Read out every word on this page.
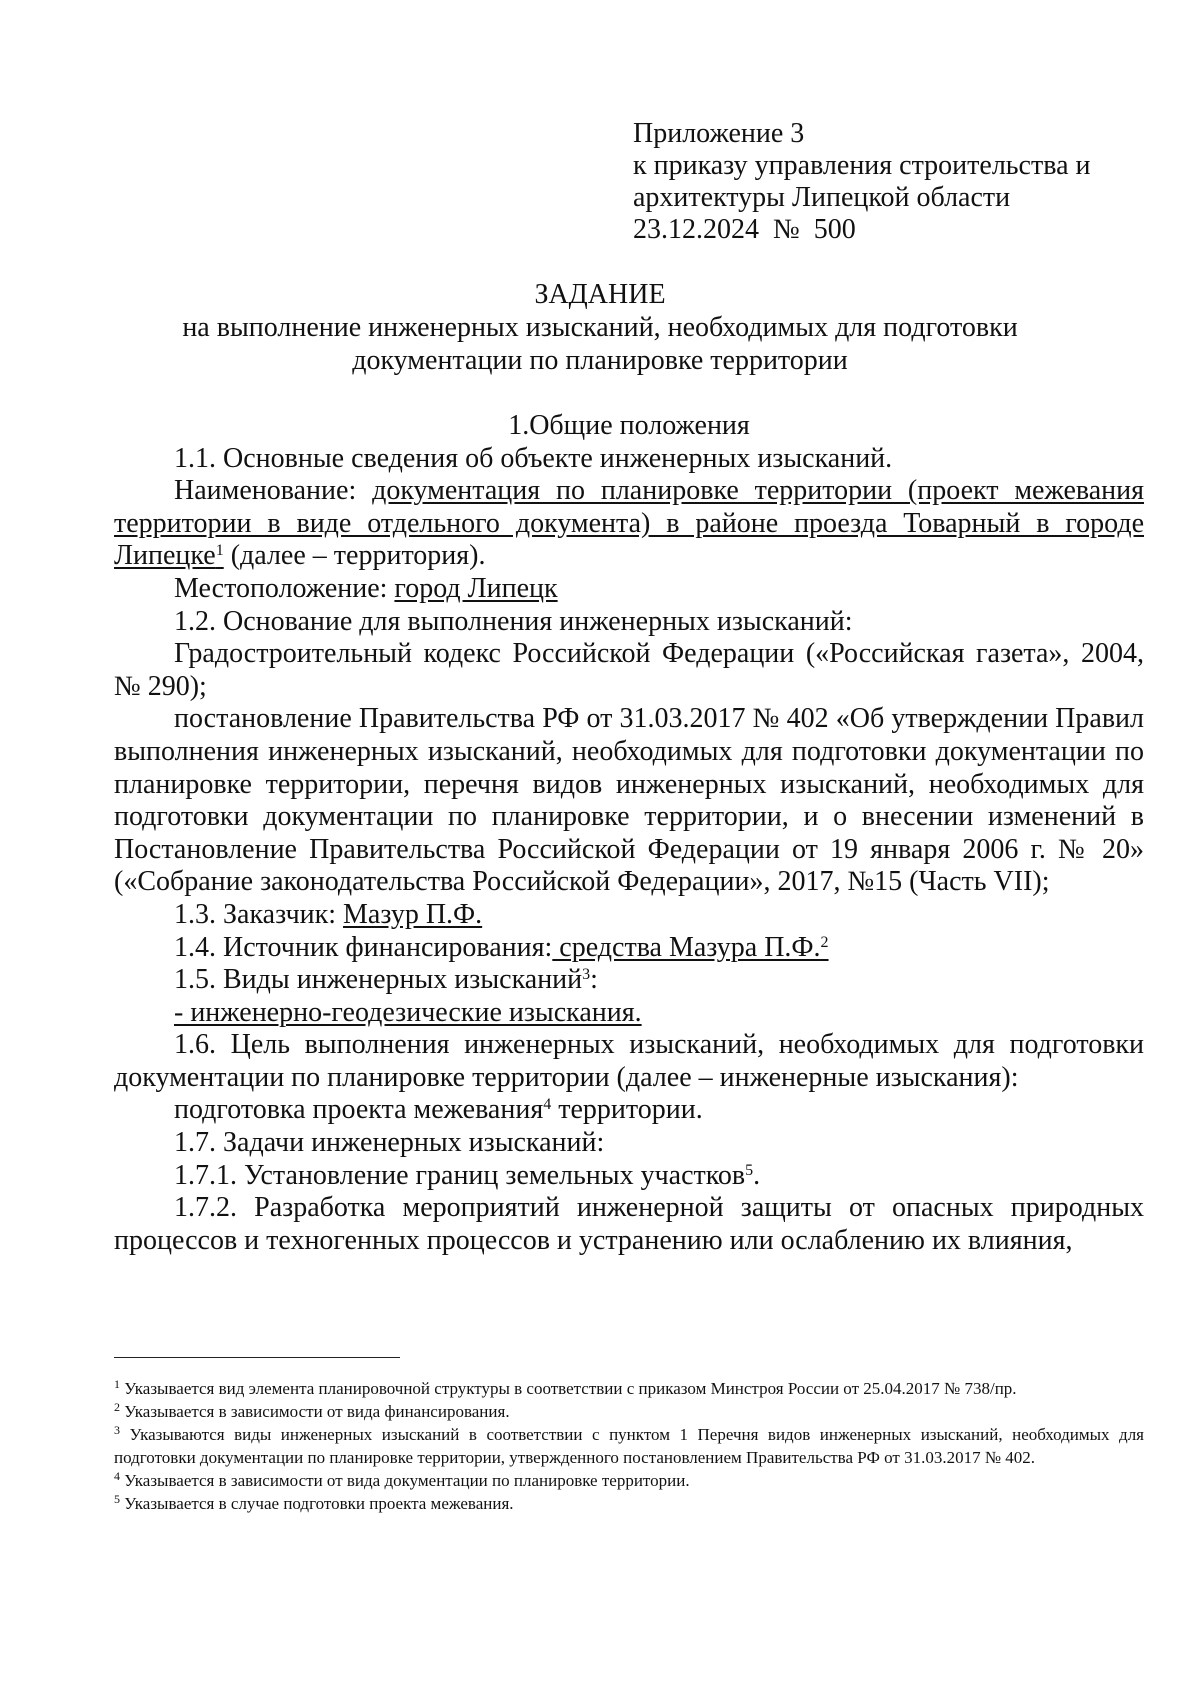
Приложение 3
к приказу управления строительства и
архитектуры Липецкой области
23.12.2024  №  500
ЗАДАНИЕ
на выполнение инженерных изысканий, необходимых для подготовки
документации по планировке территории

1.Общие положения

1.1. Основные сведения об объекте инженерных изысканий.

Наименование: документация по планировке территории (проект межевания территории в виде отдельного документа) в районе проезда Товарный в городе Липецке$^1$ (далее – территория).

Местоположение: город Липецк

1.2. Основание для выполнения инженерных изысканий:

Градостроительный кодекс Российской Федерации («Российская газета», 2004, № 290);

постановление Правительства РФ от 31.03.2017 № 402 «Об утверждении Правил выполнения инженерных изысканий, необходимых для подготовки документации по планировке территории, перечня видов инженерных изысканий, необходимых для подготовки документации по планировке территории, и о внесении изменений в Постановление Правительства Российской Федерации от 19 января 2006 г. № 20» («Собрание законодательства Российской Федерации», 2017, №15 (Часть VII);

1.3. Заказчик: Мазур П.Ф.

1.4. Источник финансирования: средства Мазура П.Ф.$^2$

1.5. Виды инженерных изысканий$^3$:

- инженерно-геодезические изыскания.

1.6. Цель выполнения инженерных изысканий, необходимых для подготовки документации по планировке территории (далее – инженерные изыскания):

подготовка проекта межевания$^4$ территории.

1.7. Задачи инженерных изысканий:

1.7.1. Установление границ земельных участков$^5$.

1.7.2. Разработка мероприятий инженерной защиты от опасных природных процессов и техногенных процессов и устранению или ослаблению их влияния,

$^1$ Указывается вид элемента планировочной структуры в соответствии с приказом Минстроя России от 25.04.2017 № 738/пр.

$^2$ Указывается в зависимости от вида финансирования.

$^3$ Указываются виды инженерных изысканий в соответствии с пунктом 1 Перечня видов инженерных изысканий, необходимых для подготовки документации по планировке территории, утвержденного постановлением Правительства РФ от 31.03.2017 № 402.

$^4$ Указывается в зависимости от вида документации по планировке территории.

$^5$ Указывается в случае подготовки проекта межевания.
